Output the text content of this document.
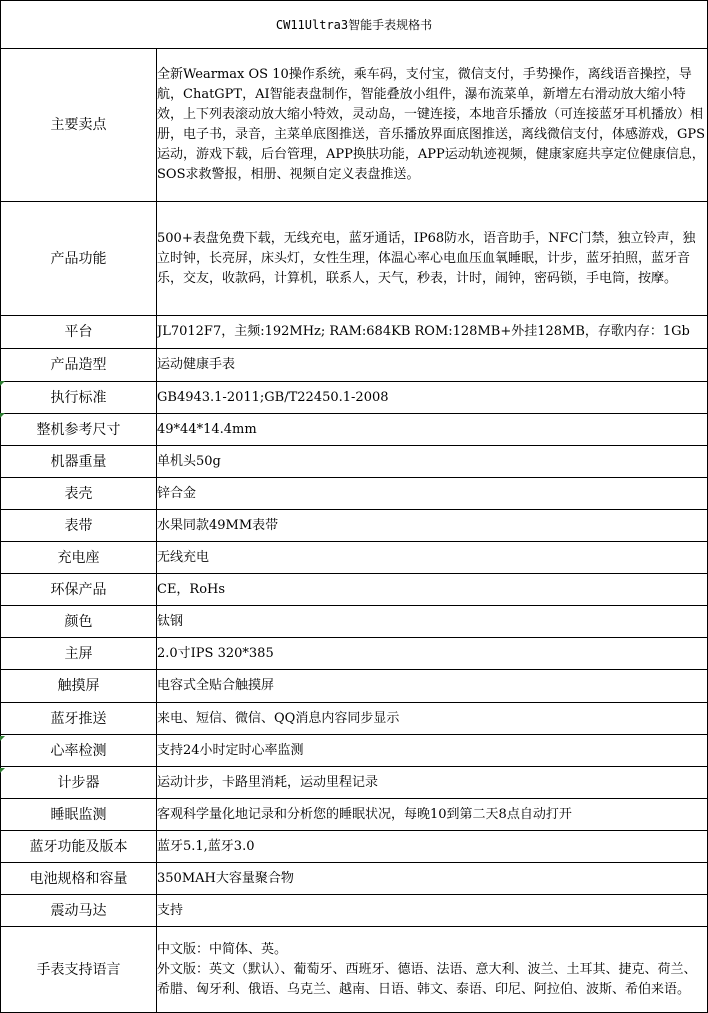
CW11Ultra3智能手表规格书	
主要卖点	全新Wearmax OS 10操作系统，乘车码，支付宝，微信支付，手势操作，离线语音操控，导航，ChatGPT，AI智能表盘制作，智能叠放小组件，瀑布流菜单，新增左右滑动放大缩小特效，上下列表滚动放大缩小特效，灵动岛，一键连接，本地音乐播放（可连接蓝牙耳机播放）相册，电子书，录音，主菜单底图推送，音乐播放界面底图推送，离线微信支付，体感游戏，GPS运动，游戏下载，后台管理，APP换肤功能，APP运动轨迹视频，健康家庭共享定位健康信息，SOS求救警报，相册、视频自定义表盘推送。
产品功能	500+表盘免费下载，无线充电，蓝牙通话，IP68防水，语音助手，NFC门禁，独立铃声，独立时钟，长亮屏，床头灯，女性生理，体温心率心电血压血氧睡眠，计步，蓝牙拍照，蓝牙音乐，交友，收款码，计算机，联系人，天气，秒表，计时，闹钟，密码锁，手电筒，按摩。
平台	JL7012F7，主频:192MHz; RAM:684KB ROM:128MB+外挂128MB，存歌内存：1Gb
产品造型	运动健康手表
执行标准	GB4943.1-2011;GB/T22450.1-2008
整机参考尺寸	49*44*14.4mm
机器重量	单机头50g
表壳	锌合金
表带	水果同款49MM表带
充电座	无线充电
环保产品	CE，RoHs
颜色	钛钢
主屏	2.0寸IPS 320*385
触摸屏	电容式全贴合触摸屏
蓝牙推送	来电、短信、微信、QQ消息内容同步显示
心率检测	支持24小时定时心率监测
计步器	运动计步，卡路里消耗，运动里程记录
睡眠监测	客观科学量化地记录和分析您的睡眠状况，每晚10到第二天8点自动打开
蓝牙功能及版本	蓝牙5.1,蓝牙3.0
电池规格和容量	350MAH大容量聚合物
震动马达	支持
手表支持语言	中文版：中简体、英。
外文版：英文（默认）、葡萄牙、西班牙、德语、法语、意大利、波兰、土耳其、捷克、荷兰、希腊、匈牙利、俄语、乌克兰、越南、日语、韩文、泰语、印尼、阿拉伯、波斯、希伯来语。
